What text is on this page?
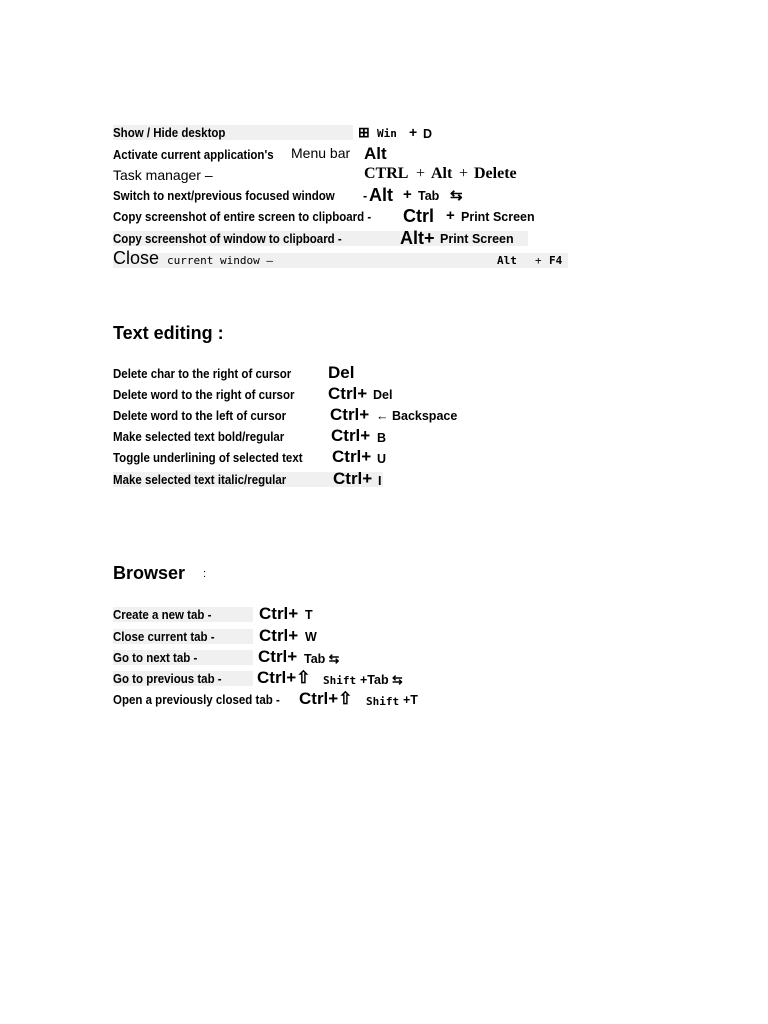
Show / Hide desktop	⊞ Win + D
Activate current application's Menu bar Alt
Task manager –	CTRL + Alt + Delete
Switch to next/previous focused window - Alt + Tab ⇆
Copy screenshot of entire screen to clipboard - Ctrl + Print Screen
Copy screenshot of window to clipboard -	Alt+ Print Screen
Close current window –	Alt + F4
Text editing :
Delete char to the right of cursor Del
Delete word to the right of cursor Ctrl+ Del
Delete word to the left of cursor	Ctrl+ ← Backspace
Make selected text bold/regular	Ctrl+ B
Toggle underlining of selected text Ctrl+ U
Make selected text italic/regular	Ctrl+ I
Browser :
Create a new tab -	Ctrl+ T
Close current tab -	Ctrl+ W
Go to next tab -	Ctrl+ Tab ⇆
Go to previous tab - Ctrl+⇧ Shift +Tab ⇆
Open a previously closed tab - Ctrl+⇧ Shift +T
